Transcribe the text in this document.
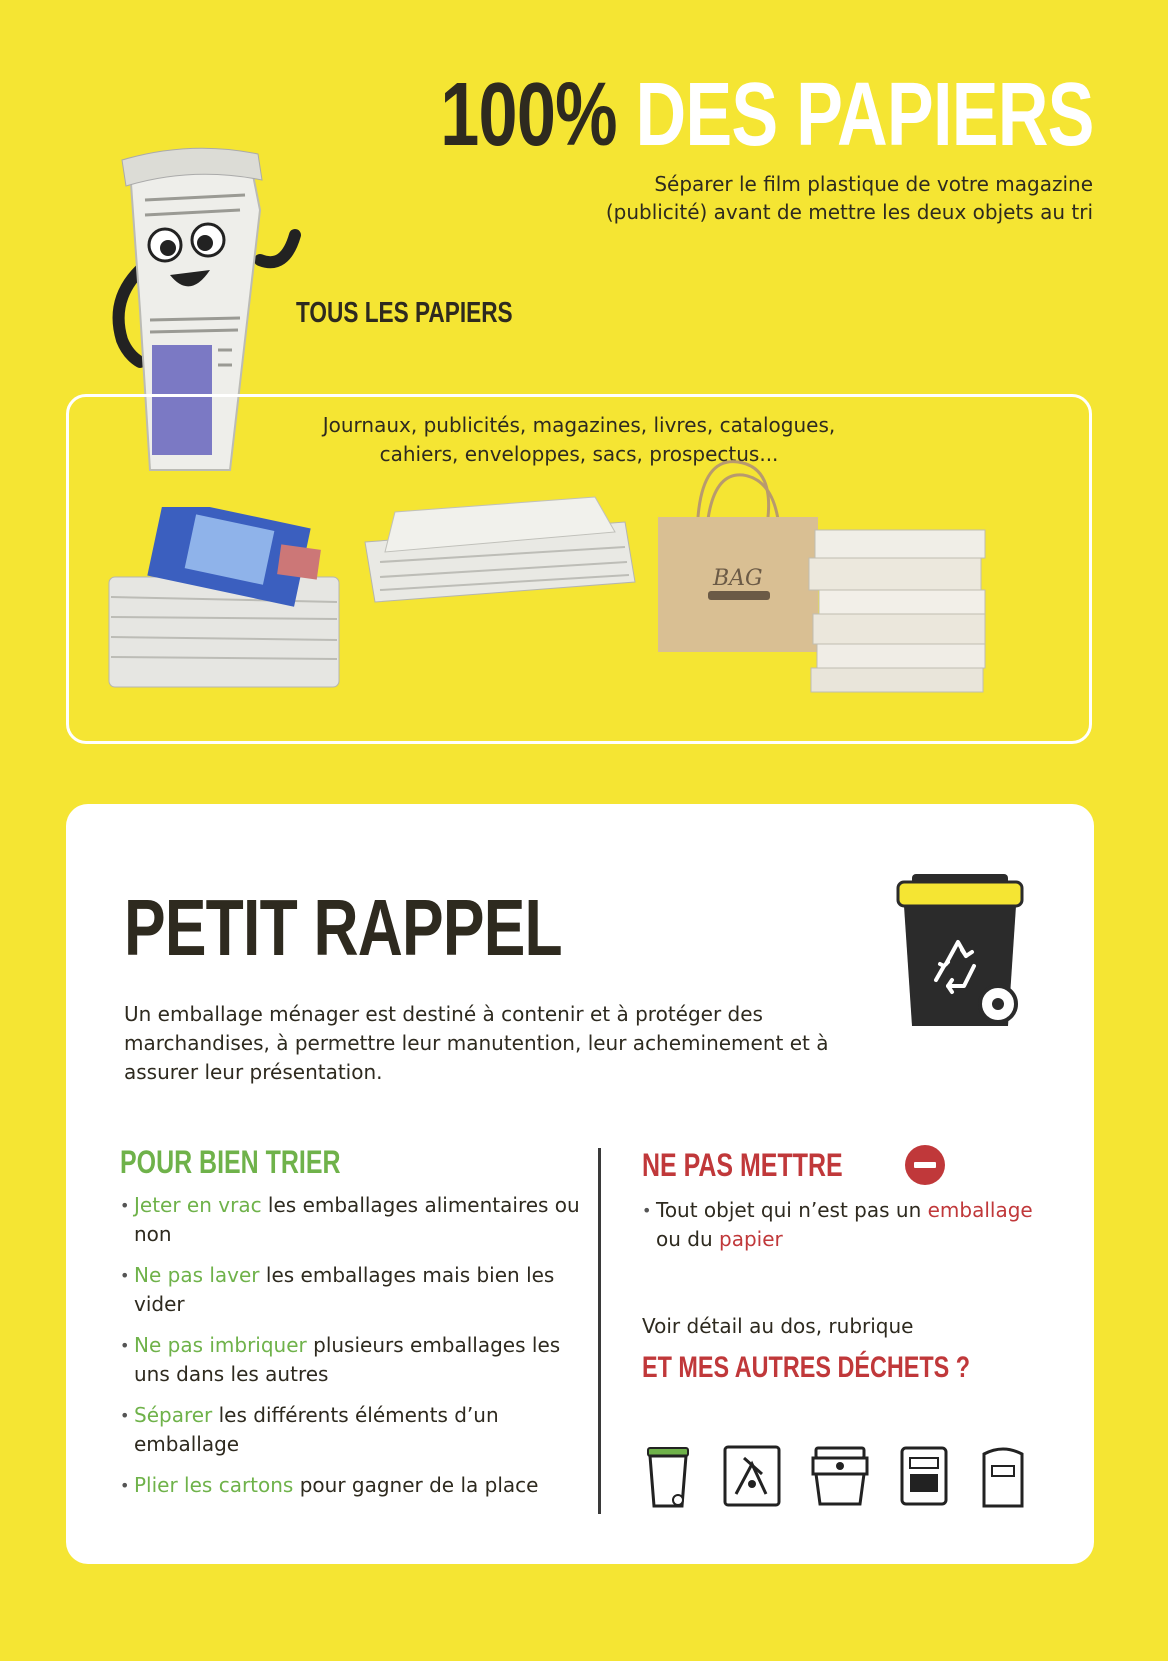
100% DES PAPIERS
Séparer le film plastique de votre magazine
(publicité) avant de mettre les deux objets au tri
TOUS LES PAPIERS
Journaux, publicités, magazines, livres, catalogues,
cahiers, enveloppes, sacs, prospectus...
BAG
PETIT RAPPEL
Un emballage ménager est destiné à contenir et à protéger des
marchandises, à permettre leur manutention, leur acheminement et à
assurer leur présentation.
POUR BIEN TRIER
• Jeter en vrac les emballages alimentaires ou non
• Ne pas laver les emballages mais bien les vider
• Ne pas imbriquer plusieurs emballages les uns dans les autres
• Séparer les différents éléments d’un emballage
• Plier les cartons pour gagner de la place
NE PAS METTRE
• Tout objet qui n’est pas un emballage ou du papier
Voir détail au dos, rubrique
ET MES AUTRES DÉCHETS ?
